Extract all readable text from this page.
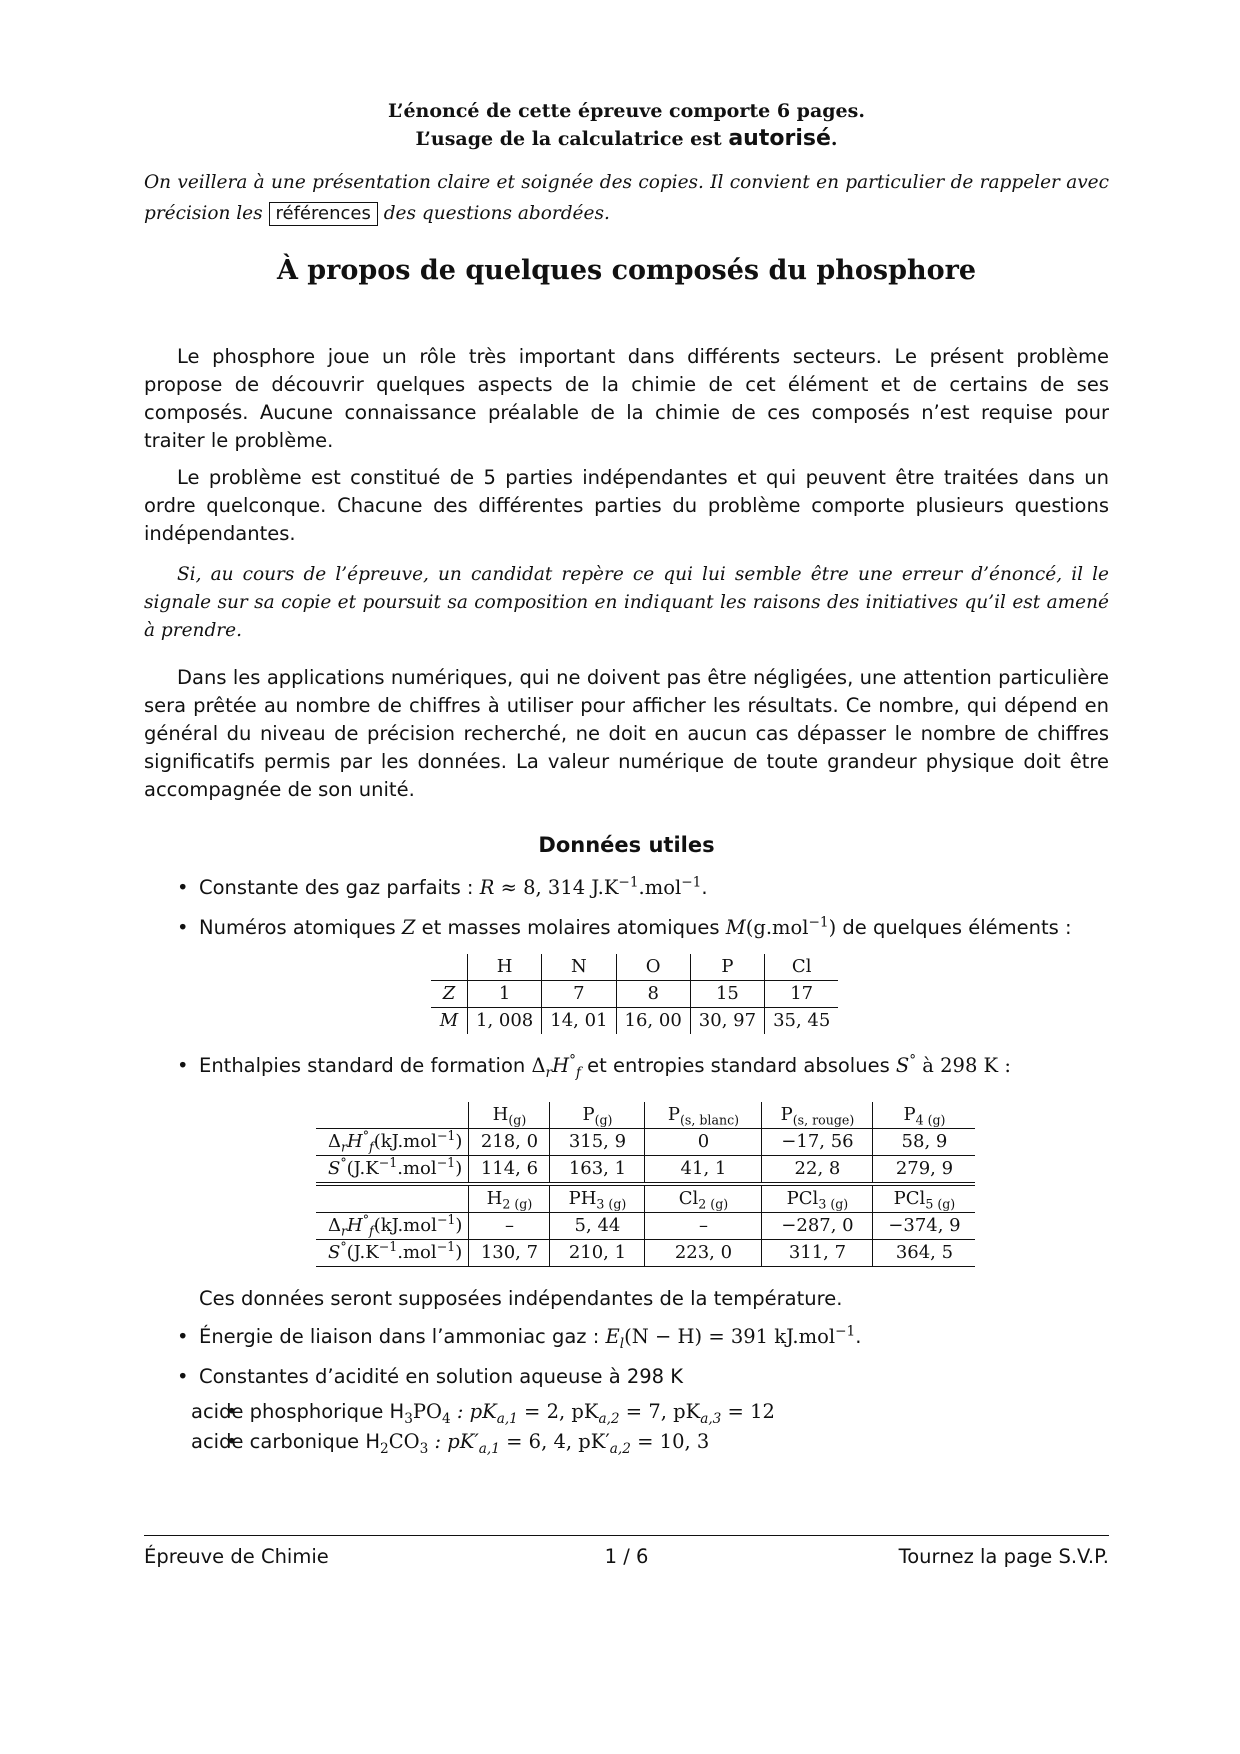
L’énoncé de cette épreuve comporte 6 pages.
L’usage de la calculatrice est autorisé.

On veillera à une présentation claire et soignée des copies. Il convient en particulier de rappeler avec précision les références des questions abordées.

À propos de quelques composés du phosphore

Le phosphore joue un rôle très important dans différents secteurs. Le présent problème propose de découvrir quelques aspects de la chimie de cet élément et de certains de ses composés. Aucune connaissance préalable de la chimie de ces composés n’est requise pour traiter le problème.

Le problème est constitué de 5 parties indépendantes et qui peuvent être traitées dans un ordre quelconque. Chacune des différentes parties du problème comporte plusieurs questions indépendantes.

Si, au cours de l’épreuve, un candidat repère ce qui lui semble être une erreur d’énoncé, il le signale sur sa copie et poursuit sa composition en indiquant les raisons des initiatives qu’il est amené à prendre.

Dans les applications numériques, qui ne doivent pas être négligées, une attention particulière sera prêtée au nombre de chiffres à utiliser pour afficher les résultats. Ce nombre, qui dépend en général du niveau de précision recherché, ne doit en aucun cas dépasser le nombre de chiffres significatifs permis par les données. La valeur numérique de toute grandeur physique doit être accompagnée de son unité.

Données utiles
• Constante des gaz parfaits : R ≈ 8, 314 $J.K^{-1}.mol^{-1}$.
• Numéros atomiques Z et masses molaires atomiques M(g.mol$^{-1}$) de quelques éléments :
	H	N	O	P	Cl
Z	1	7	8	15	17
M	1, 008	14, 01	16, 00	30, 97	35, 45
• Enthalpies standard de formation $\Delta_rH^\circ_f$ et entropies standard absolues S° à 298 K :
	$H_{(g)}$	$P_{(g)}$	$P_{(s, blanc)}$	$P_{(s, rouge)}$	$P_{4 (g)}$
$\Delta_rH^\circ_f(kJ.mol^{-1})$	218, 0	315, 9	0	−17, 56	58, 9
$S^\circ(J.K^{-1}.mol^{-1})$	114, 6	163, 1	41, 1	22, 8	279, 9
	$H_{2 (g)}$	$PH_{3 (g)}$	$Cl_{2 (g)}$	PCl$_{3 (g)}$	PCl$_{5 (g)}$
$\Delta_rH^\circ_f(kJ.mol^{-1})$	–	5, 44	–	−287, 0	−374, 9
$S^\circ(J.K^{-1}.mol^{-1})$	130, 7	210, 1	223, 0	311, 7	364, 5
Ces données seront supposées indépendantes de la température.
• Énergie de liaison dans l’ammoniac gaz : $E_l(N - H) = 391$ kJ.mol$^{-1}$.
• Constantes d’acidité en solution aqueuse à 298 K
• acide phosphorique $H_3PO_4$ : $pK_{a,1} = 2$, $pK_{a,2} = 7$, $pK_{a,3} = 12$
• acide carbonique $H_2CO_3$ : $pK'_{a,1} = 6$, 4, $pK'_{a,2} = 10$, 3
Épreuve de Chimie	1 / 6	Tournez la page S.V.P.
